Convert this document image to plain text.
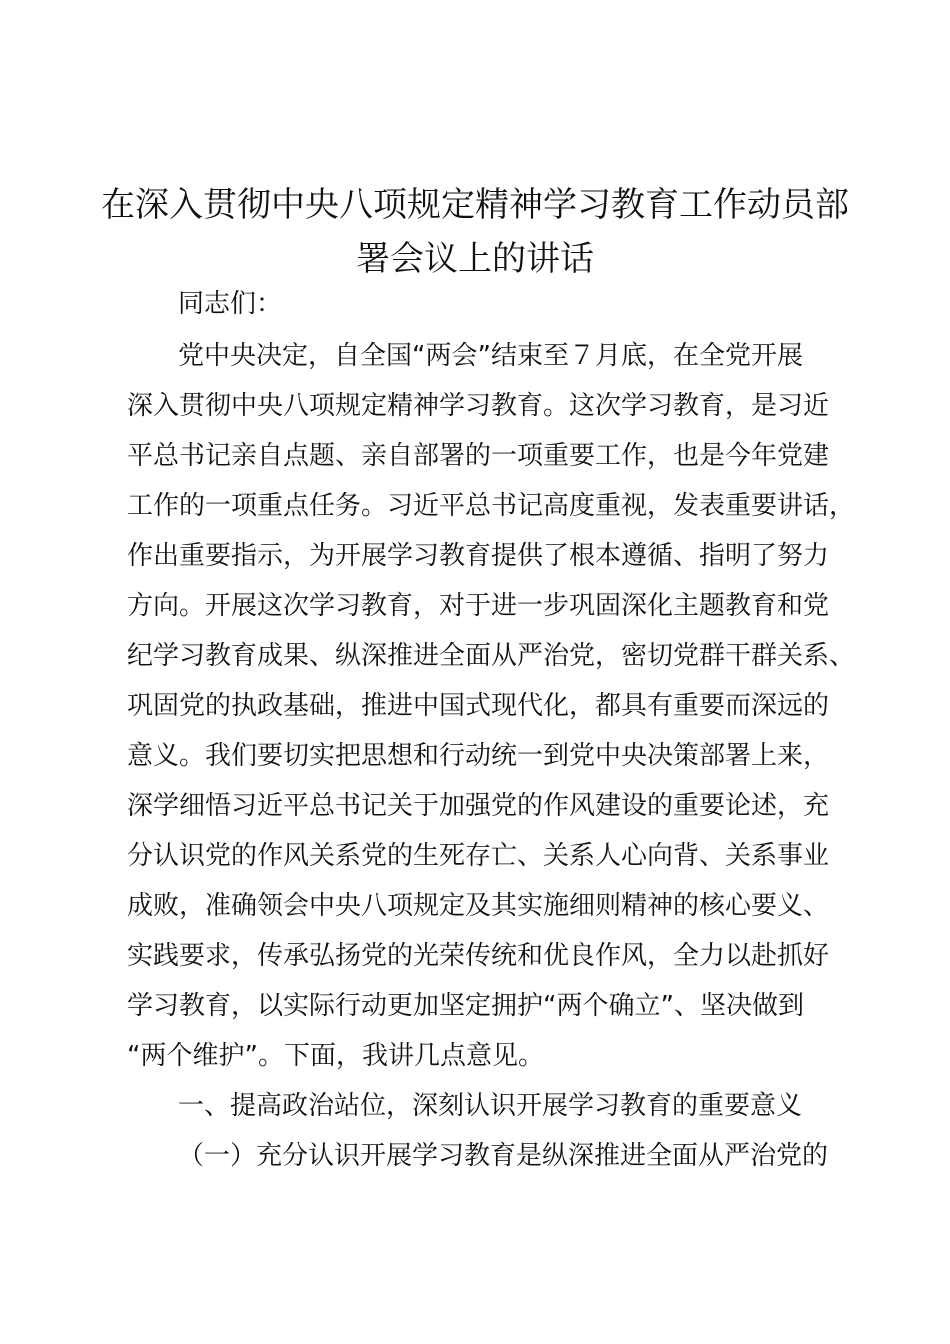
在深入贯彻中央八项规定精神学习教育工作动员部署会议上的讲话
同志们：
党中央决定，自全国“两会”结束至７月底，在全党开展
深入贯彻中央八项规定精神学习教育。这次学习教育，是习近
平总书记亲自点题、亲自部署的一项重要工作，也是今年党建
工作的一项重点任务。习近平总书记高度重视，发表重要讲话，
作出重要指示，为开展学习教育提供了根本遵循、指明了努力
方向。开展这次学习教育，对于进一步巩固深化主题教育和党
纪学习教育成果、纵深推进全面从严治党，密切党群干群关系、
巩固党的执政基础，推进中国式现代化，都具有重要而深远的
意义。我们要切实把思想和行动统一到党中央决策部署上来，
深学细悟习近平总书记关于加强党的作风建设的重要论述，充
分认识党的作风关系党的生死存亡、关系人心向背、关系事业
成败，准确领会中央八项规定及其实施细则精神的核心要义、
实践要求，传承弘扬党的光荣传统和优良作风，全力以赴抓好
学习教育，以实际行动更加坚定拥护“两个确立”、坚决做到
“两个维护”。下面，我讲几点意见。
一、提高政治站位，深刻认识开展学习教育的重要意义
（一）充分认识开展学习教育是纵深推进全面从严治党的
